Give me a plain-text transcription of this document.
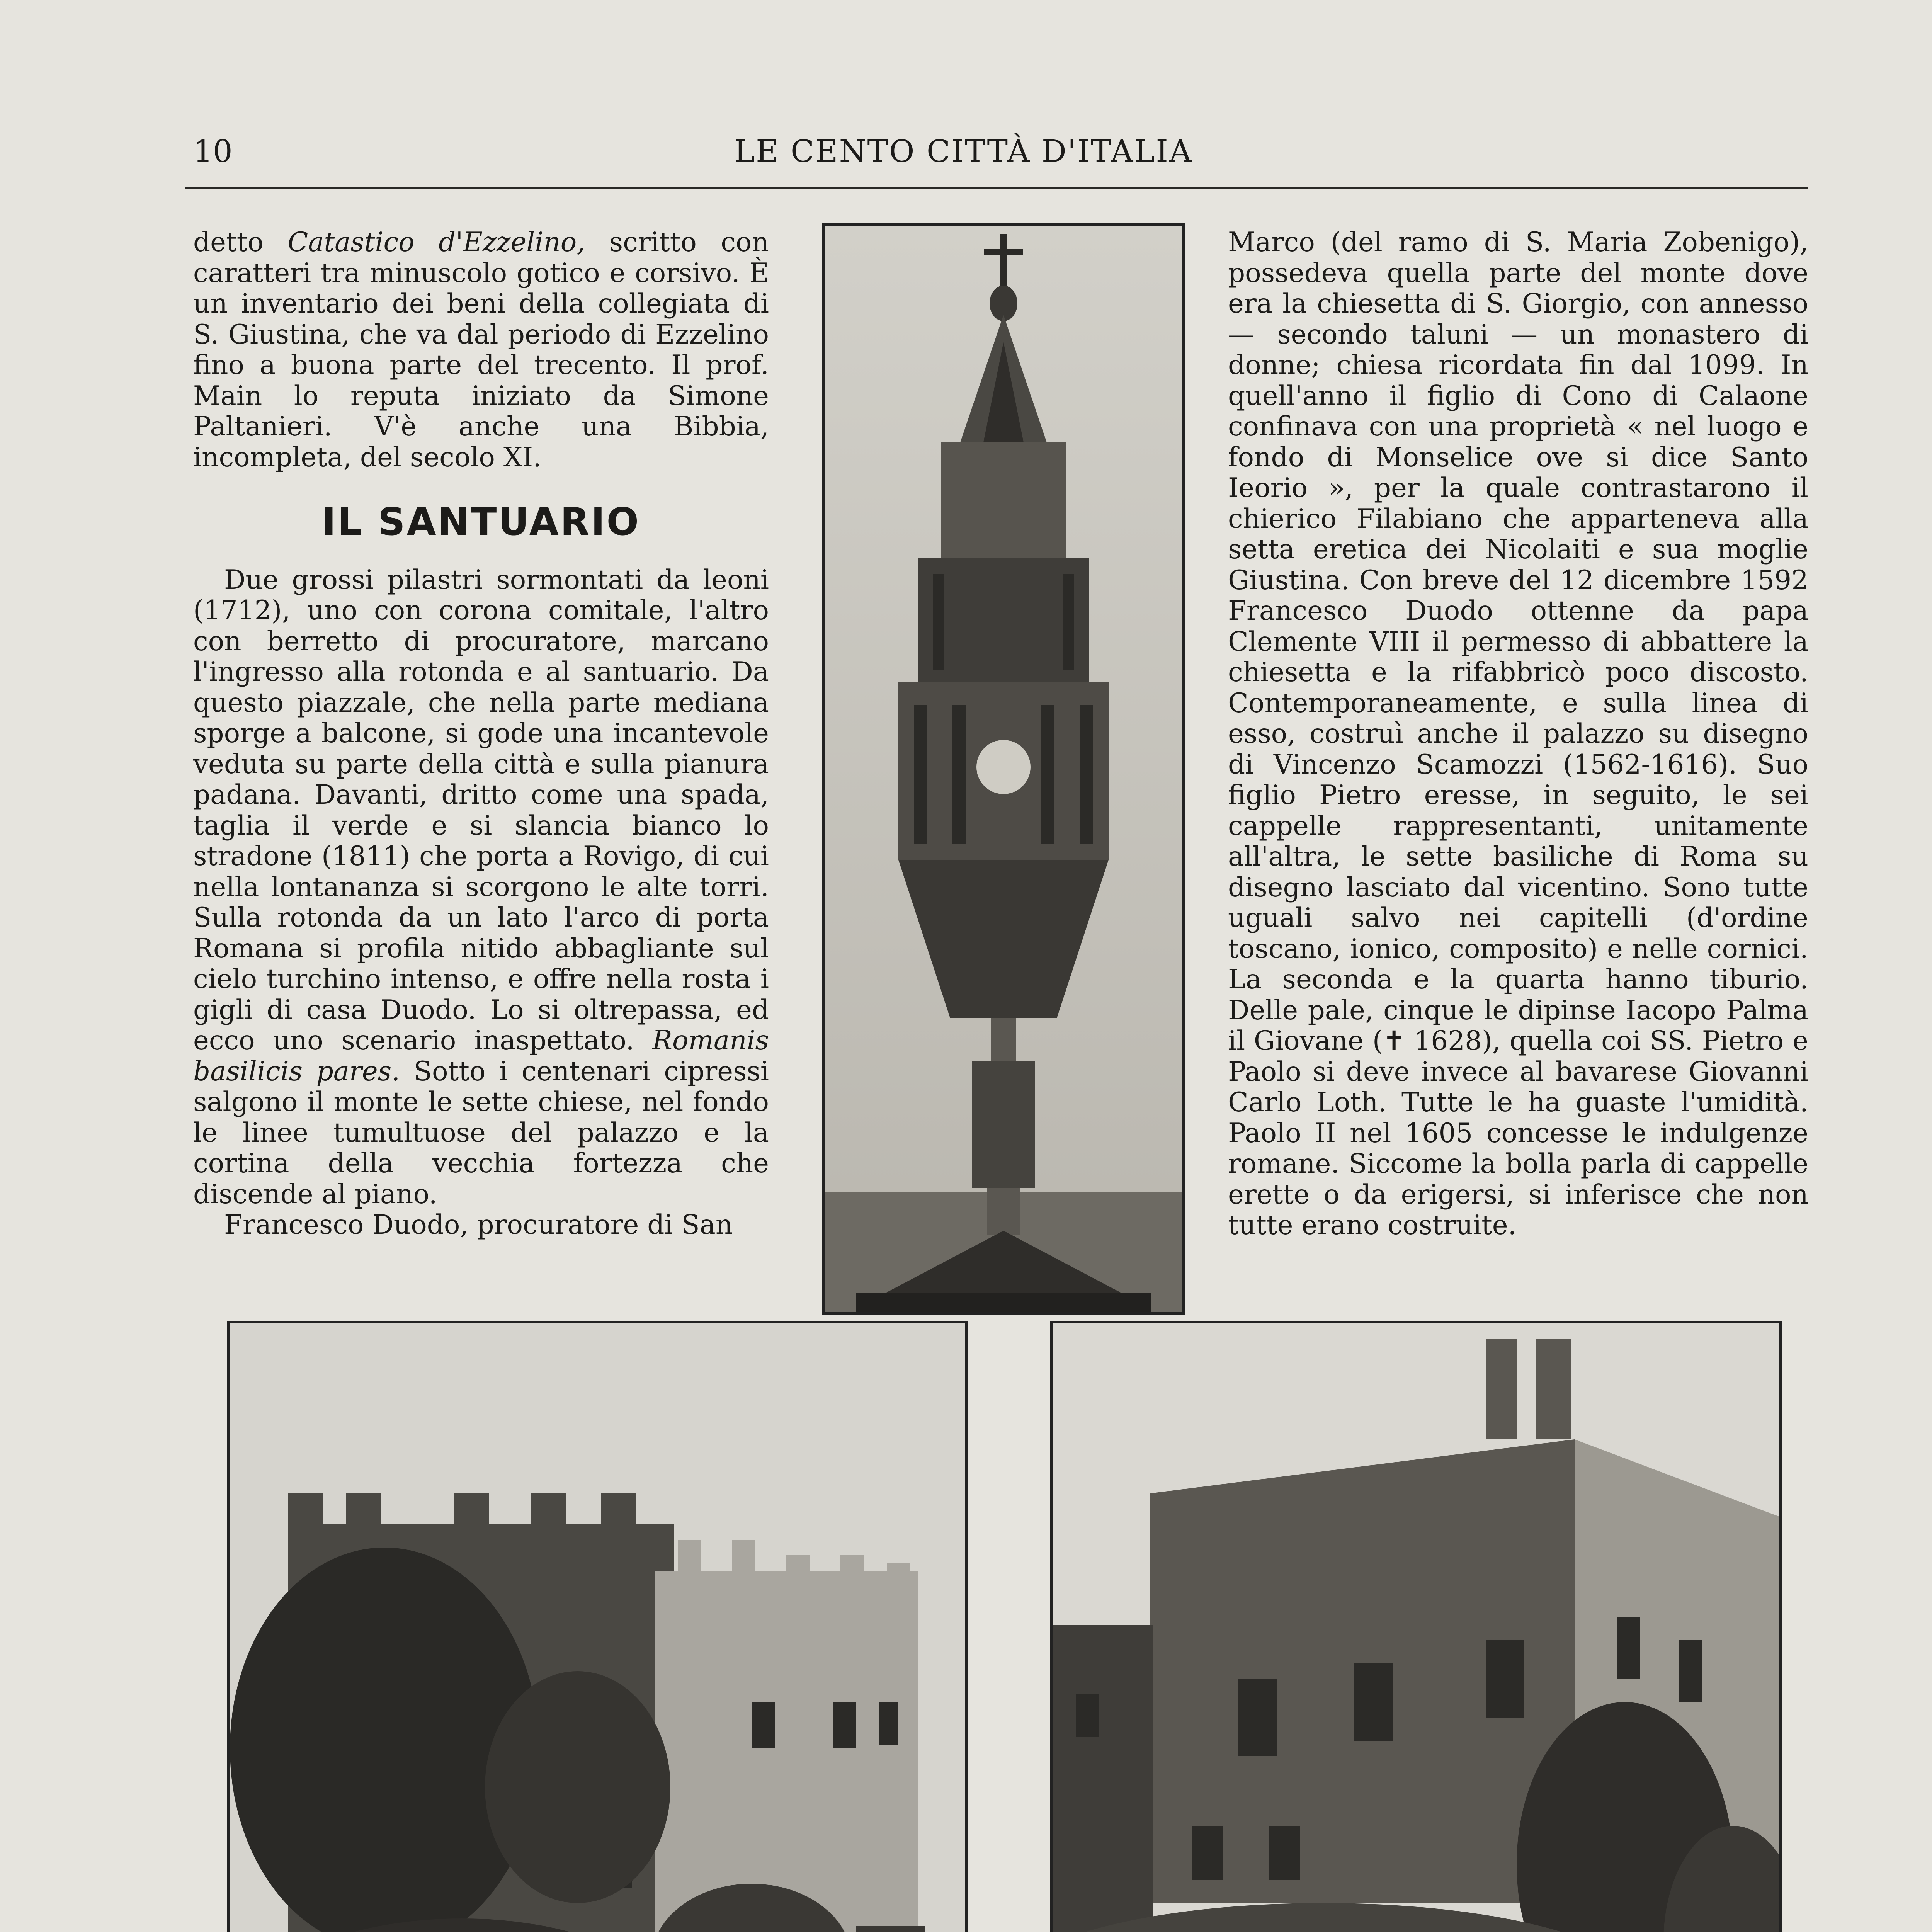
10	LE CENTO CITTÀ D'ITALIA

detto Catastico d'Ezzelino, scritto con caratteri tra minuscolo gotico e corsivo. È un inventario dei beni della collegiata di S. Giustina, che va dal periodo di Ezzelino fino a buona parte del trecento. Il prof. Main lo reputa iniziato da Simone Paltanieri. V'è anche una Bibbia, incompleta, del secolo XI.

IL SANTUARIO

Due grossi pilastri sormontati da leoni (1712), uno con corona comitale, l'altro con berretto di procuratore, marcano l'ingresso alla rotonda e al santuario. Da questo piazzale, che nella parte mediana sporge a balcone, si gode una incantevole veduta su parte della città e sulla pianura padana. Davanti, dritto come una spada, taglia il verde e si slancia bianco lo stradone (1811) che porta a Rovigo, di cui nella lontananza si scorgono le alte torri. Sulla rotonda da un lato l'arco di porta Romana si profila nitido abbagliante sul cielo turchino intenso, e offre nella rosta i gigli di casa Duodo. Lo si oltrepassa, ed ecco uno scenario inaspettato. Romanis basilicis pares. Sotto i centenari cipressi salgono il monte le sette chiese, nel fondo le linee tumultuose del palazzo e la cortina della vecchia fortezza che discende al piano.

Francesco Duodo, procuratore di San

Marco (del ramo di S. Maria Zobenigo), possedeva quella parte del monte dove era la chiesetta di S. Giorgio, con annesso — secondo taluni — un monastero di donne; chiesa ricordata fin dal 1099. In quell'anno il figlio di Cono di Calaone confinava con una proprietà « nel luogo e fondo di Monselice ove si dice Santo Ieorio », per la quale contrastarono il chierico Filabiano che apparteneva alla setta eretica dei Nicolaiti e sua moglie Giustina. Con breve del 12 dicembre 1592 Francesco Duodo ottenne da papa Clemente VIII il permesso di abbattere la chiesetta e la rifabbricò poco discosto. Contemporaneamente, e sulla linea di esso, costruì anche il palazzo su disegno di Vincenzo Scamozzi (1562-1616). Suo figlio Pietro eresse, in seguito, le sei cappelle rappresentanti, unitamente all'altra, le sette basiliche di Roma su disegno lasciato dal vicentino. Sono tutte uguali salvo nei capitelli (d'ordine toscano, ionico, composito) e nelle cornici. La seconda e la quarta hanno tiburio. Delle pale, cinque le dipinse Iacopo Palma il Giovane (✝ 1628), quella coi SS. Pietro e Paolo si deve invece al bavarese Giovanni Carlo Loth. Tutte le ha guaste l'umidità. Paolo II nel 1605 concesse le indulgenze romane. Siccome la bolla parla di cappelle erette o da erigersi, si inferisce che non tutte erano costruite.
